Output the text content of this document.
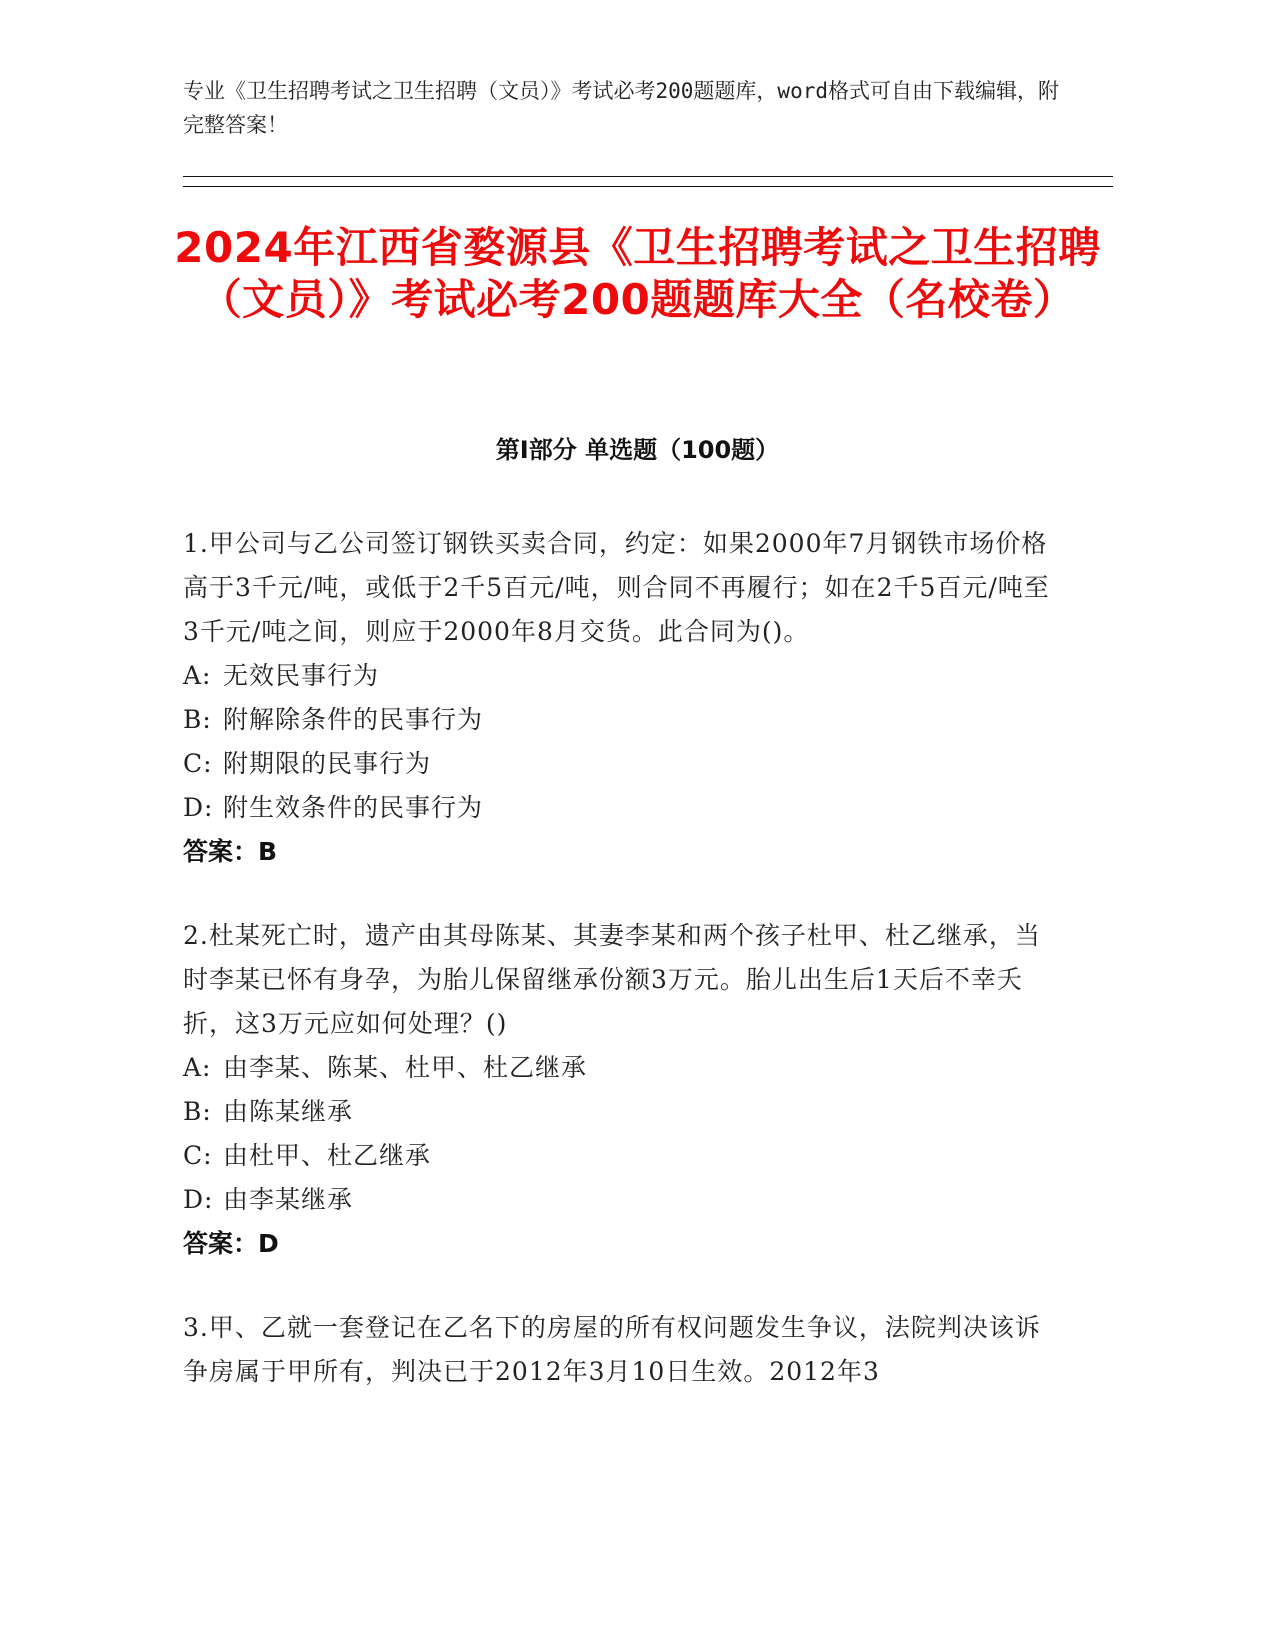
专业《卫生招聘考试之卫生招聘（文员）》考试必考200题题库，word格式可自由下载编辑，附完整答案！
2024年江西省婺源县《卫生招聘考试之卫生招聘（文员）》考试必考200题题库大全（名校卷）
第Ⅰ部分 单选题（100题）
1.甲公司与乙公司签订钢铁买卖合同，约定：如果2000年7月钢铁市场价格高于3千元/吨，或低于2千5百元/吨，则合同不再履行；如在2千5百元/吨至3千元/吨之间，则应于2000年8月交货。此合同为()。
A: 无效民事行为
B: 附解除条件的民事行为
C: 附期限的民事行为
D: 附生效条件的民事行为
答案：B
2.杜某死亡时，遗产由其母陈某、其妻李某和两个孩子杜甲、杜乙继承，当时李某已怀有身孕，为胎儿保留继承份额3万元。胎儿出生后1天后不幸夭折，这3万元应如何处理？()
A: 由李某、陈某、杜甲、杜乙继承
B: 由陈某继承
C: 由杜甲、杜乙继承
D: 由李某继承
答案：D
3.甲、乙就一套登记在乙名下的房屋的所有权问题发生争议，法院判决该诉争房属于甲所有，判决已于2012年3月10日生效。2012年3
